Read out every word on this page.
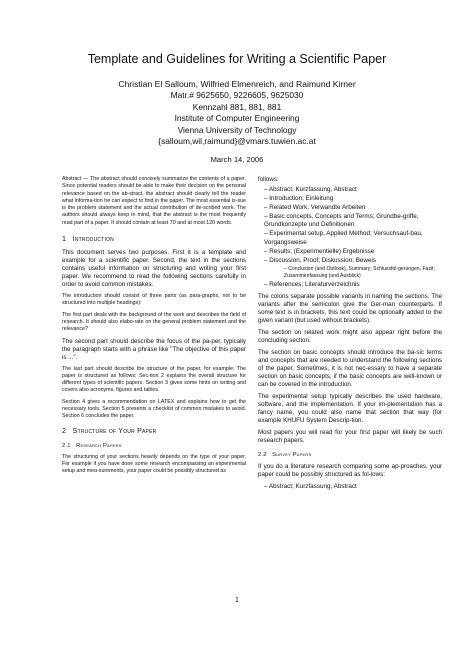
Template and Guidelines for Writing a Scientific Paper
Christian El Salloum, Wilfried Elmenreich, and Raimund Kirner
Matr.# 9625650, 9226605, 9625030
Kennzahl 881, 881, 881
Institute of Computer Engineering
Vienna University of Technology
{salloum,wil,raimund}@vmars.tuwien.ac.at
March 14, 2006

Abstract — The abstract should concisely summarize the contents of a paper. Since potential readers should be able to make their decision on the personal relevance based on the ab-stract, the abstract should clearly tell the reader what informa-tion he can expect to find in the paper. The most essential is-sue is the problem statement and the actual contribution of de-scribed work. The authors should always keep in mind, that the abstract is the most frequently read part of a paper. It should contain at least 70 and at most 120 words.

1 Introduction

This document serves two purposes. First it is a template and example for a scientific paper. Second, the text in the sections contains useful information on structuring and writing your first paper. We recommend to read the following sections carefully in order to avoid common mistakes.

The introduction should consist of three parts (as para-graphs, not to be structured into multiple headings):

The first part deals with the background of the work and describes the field of research. It should also elabo-rate on the general problem statement and the relevance?

The second part should describe the focus of the pa-per, typically the paragraph starts with a phrase like "The objective of this paper is ...".

The last part should describe the structure of the paper, for example: The paper is structured as follows: Sec-tion 2 explains the overall structure for different types of scientific papers. Section 3 gives some hints on writing and covers also acronyms, figures and tables.

Section 4 gives a recommendation on LATEX and explains how to get the necessary tools. Section 5 presents a checklist of common mistakes to avoid. Section 6 concludes the paper.

2 Structure of Your Paper
2.1 Research Papers

The structuring of your sections heavily depends on the type of your paper. For example if you have done some research encompassing an experimental setup and mea-surements, your paper could be possibly structured as

follows:

– Abstract; Kurzfassung, Abstract
– Introduction; Einleitung
– Related Work; Verwandte Arbeiten
– Basic concepts, Concepts and Terms; Grundbe-griffe, Grundkonzepte und Definitionen
– Experimental setup, Applied Method; Versuchsauf-bau, Vorgangsweise
– Results; (Experimentielle) Ergebnisse
– Discussion, Proof; Diskussion, Beweis
– Conclusion (and Outlook), Summary; Schlussfol-gerungen, Fazit; Zusammenfassung (und Ausblick)
– References; Literaturverzeichnis

The colons separate possible variants in naming the sections. The variants after the semicolon give the Ger-man counterparts. If some text is in brackets, this text could be optionally added to the given variant (but used without brackets).

The section on related work might also appear right before the concluding section.

The section on basic concepts should introduce the ba-sic terms and concepts that are needed to understand the following sections of the paper. Sometimes, it is not nec-essary to have a separate section on basic concepts, if the basic concepts are well-known or can be covered in the introduction.

The experimental setup typically describes the used hardware, software, and the implementation. If your im-plementation has a fancy name, you could also name that section that way (for example KHUFU System Descrip-tion.

Most papers you will read for your first paper will likely be such research papers.

2.2 Survey Papers

If you do a literature research comparing some ap-proaches, your paper could be possibly structured as fol-lows:

– Abstract; Kurzfassung, Abstract
1
